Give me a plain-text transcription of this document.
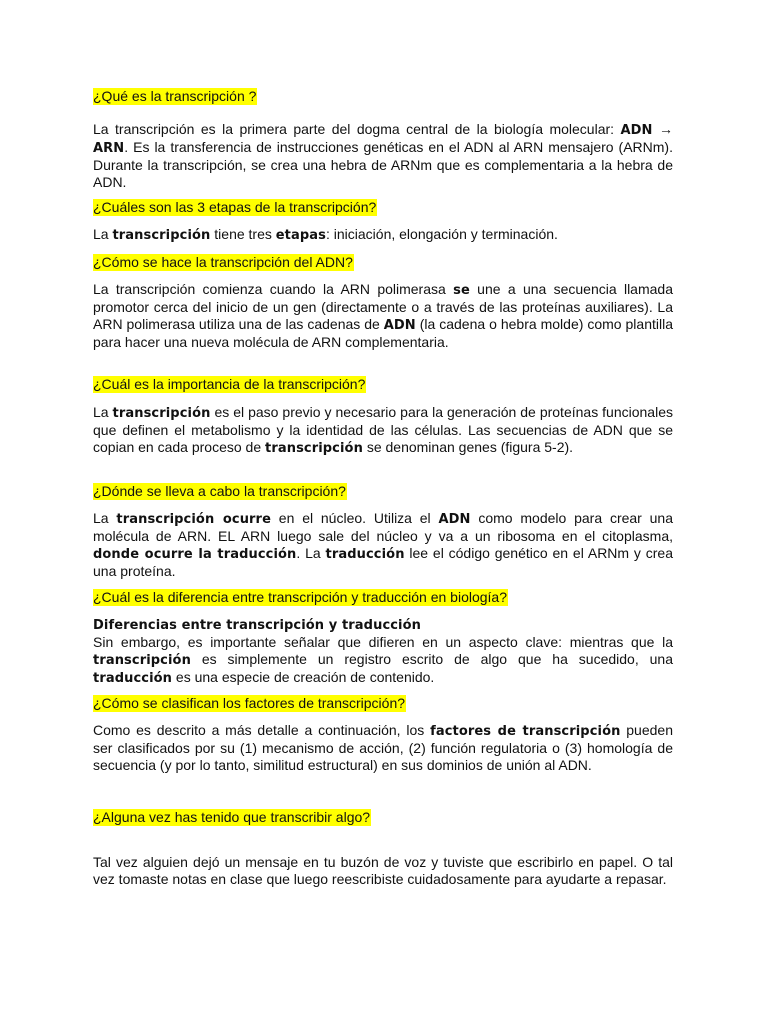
¿Qué es la transcripción ?

La transcripción es la primera parte del dogma central de la biología molecular: ADN → ARN. Es la transferencia de instrucciones genéticas en el ADN al ARN mensajero (ARNm). Durante la transcripción, se crea una hebra de ARNm que es complementaria a la hebra de ADN.

¿Cuáles son las 3 etapas de la transcripción?

La transcripción tiene tres etapas: iniciación, elongación y terminación.

¿Cómo se hace la transcripción del ADN?

La transcripción comienza cuando la ARN polimerasa se une a una secuencia llamada promotor cerca del inicio de un gen (directamente o a través de las proteínas auxiliares). La ARN polimerasa utiliza una de las cadenas de ADN (la cadena o hebra molde) como plantilla para hacer una nueva molécula de ARN complementaria.

¿Cuál es la importancia de la transcripción?

La transcripción es el paso previo y necesario para la generación de proteínas funcionales que definen el metabolismo y la identidad de las células. Las secuencias de ADN que se copian en cada proceso de transcripción se denominan genes (figura 5-2).

¿Dónde se lleva a cabo la transcripción?

La transcripción ocurre en el núcleo. Utiliza el ADN como modelo para crear una molécula de ARN. EL ARN luego sale del núcleo y va a un ribosoma en el citoplasma, donde ocurre la traducción. La traducción lee el código genético en el ARNm y crea una proteína.

¿Cuál es la diferencia entre transcripción y traducción en biología?

Diferencias entre transcripción y traducción
Sin embargo, es importante señalar que difieren en un aspecto clave: mientras que la transcripción es simplemente un registro escrito de algo que ha sucedido, una traducción es una especie de creación de contenido.

¿Cómo se clasifican los factores de transcripción?

Como es descrito a más detalle a continuación, los factores de transcripción pueden ser clasificados por su (1) mecanismo de acción, (2) función regulatoria o (3) homología de secuencia (y por lo tanto, similitud estructural) en sus dominios de unión al ADN.

¿Alguna vez has tenido que transcribir algo?

Tal vez alguien dejó un mensaje en tu buzón de voz y tuviste que escribirlo en papel. O tal vez tomaste notas en clase que luego reescribiste cuidadosamente para ayudarte a repasar.
